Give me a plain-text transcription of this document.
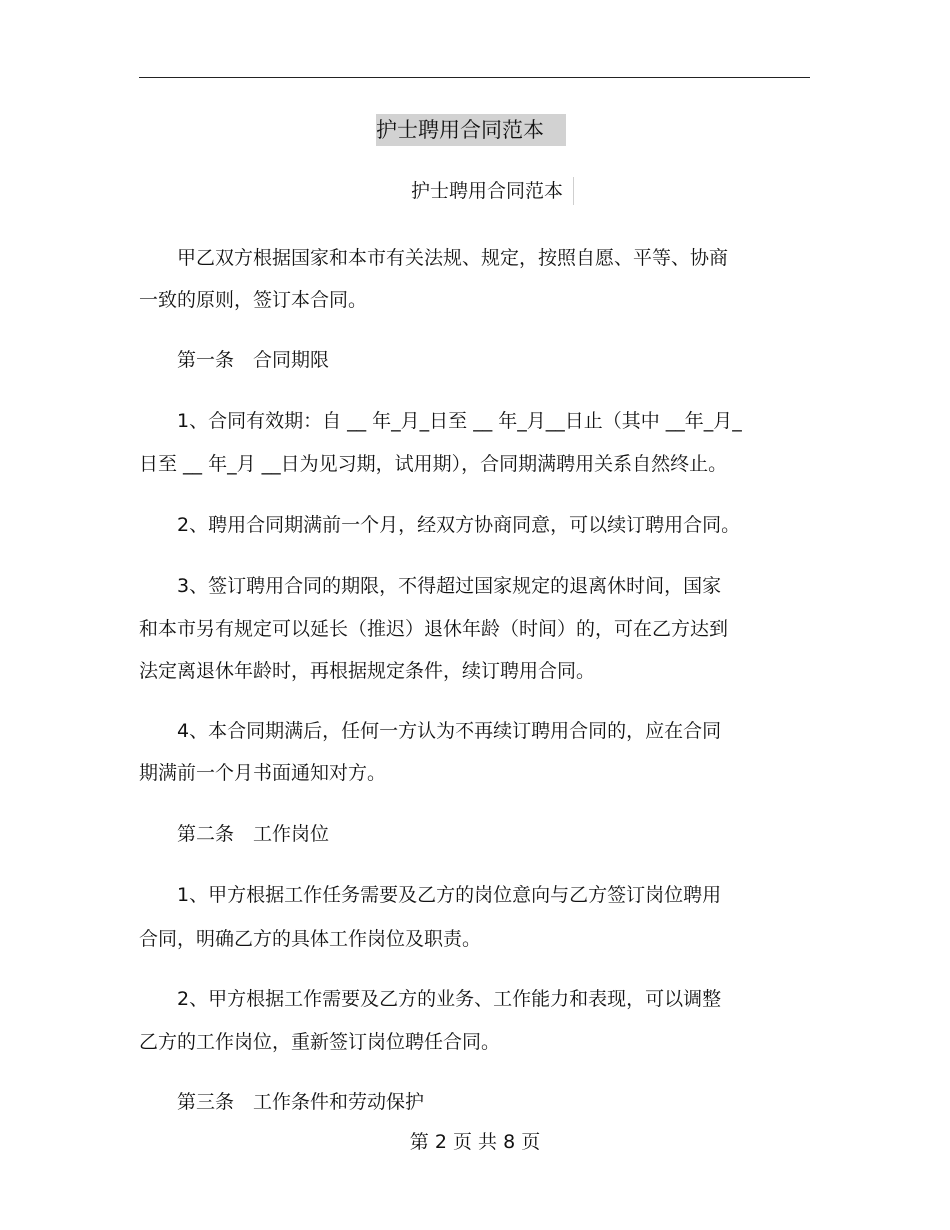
护士聘用合同范本
护士聘用合同范本
　　甲乙双方根据国家和本市有关法规、规定，按照自愿、平等、协商
一致的原则，签订本合同。
　　第一条　合同期限
　　1、合同有效期：自 __ 年_月_日至 __ 年_月__日止（其中 __年_月_
日至 __ 年_月 __日为见习期，试用期），合同期满聘用关系自然终止。
　　2、聘用合同期满前一个月，经双方协商同意，可以续订聘用合同。
　　3、签订聘用合同的期限，不得超过国家规定的退离休时间，国家
和本市另有规定可以延长（推迟）退休年龄（时间）的，可在乙方达到
法定离退休年龄时，再根据规定条件，续订聘用合同。
　　4、本合同期满后，任何一方认为不再续订聘用合同的，应在合同
期满前一个月书面通知对方。
　　第二条　工作岗位
　　1、甲方根据工作任务需要及乙方的岗位意向与乙方签订岗位聘用
合同，明确乙方的具体工作岗位及职责。
　　2、甲方根据工作需要及乙方的业务、工作能力和表现，可以调整
乙方的工作岗位，重新签订岗位聘任合同。
　　第三条　工作条件和劳动保护
第 2 页 共 8 页
